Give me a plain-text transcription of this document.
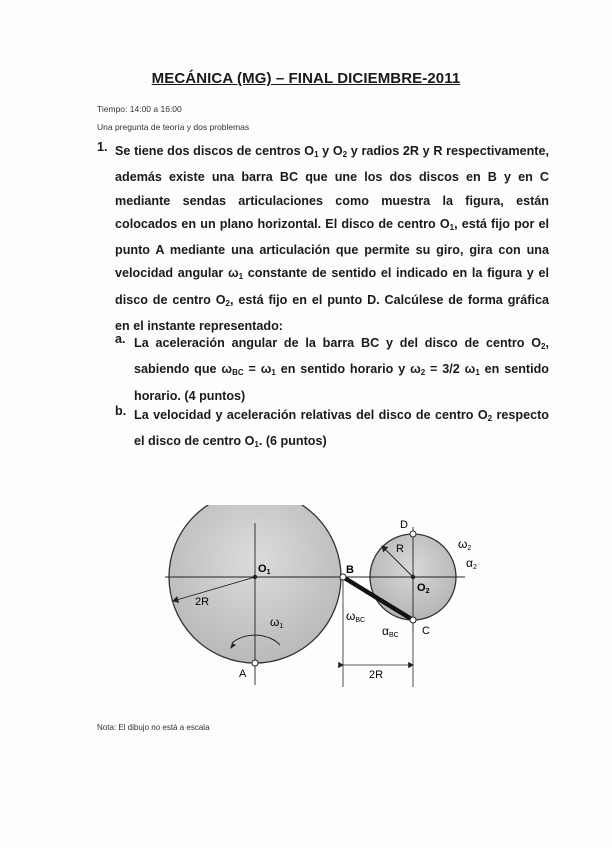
MECÁNICA (MG) – FINAL DICIEMBRE-2011
Tiempo: 14:00 a 16:00
Una pregunta de teoría y dos problemas
1. Se tiene dos discos de centros $O_1$ y $O_2$ y radios 2R y R respectivamente, además existe una barra BC que une los dos discos en B y en C mediante sendas articulaciones como muestra la figura, están colocados en un plano horizontal. El disco de centro $O_1$, está fijo por el punto A mediante una articulación que permite su giro, gira con una velocidad angular $\omega_1$ constante de sentido el indicado en la figura y el disco de centro $O_2$, está fijo en el punto D. Calcúlese de forma gráfica en el instante representado:

a. La aceleración angular de la barra BC y del disco de centro $O_2$, sabiendo que $\omega_{BC} = \omega_1$ en sentido horario y $\omega_2 = 3/2$ $\omega_1$ en sentido horario. (4 puntos)
b. La velocidad y aceleración relativas del disco de centro $O_2$ respecto el disco de centro $O_1$. (6 puntos)
O1
O2
A
B
C
D
R
2R
2R
ω1
ω2
α2
ωBC
αBC
Nota: El dibujo no está a escala
